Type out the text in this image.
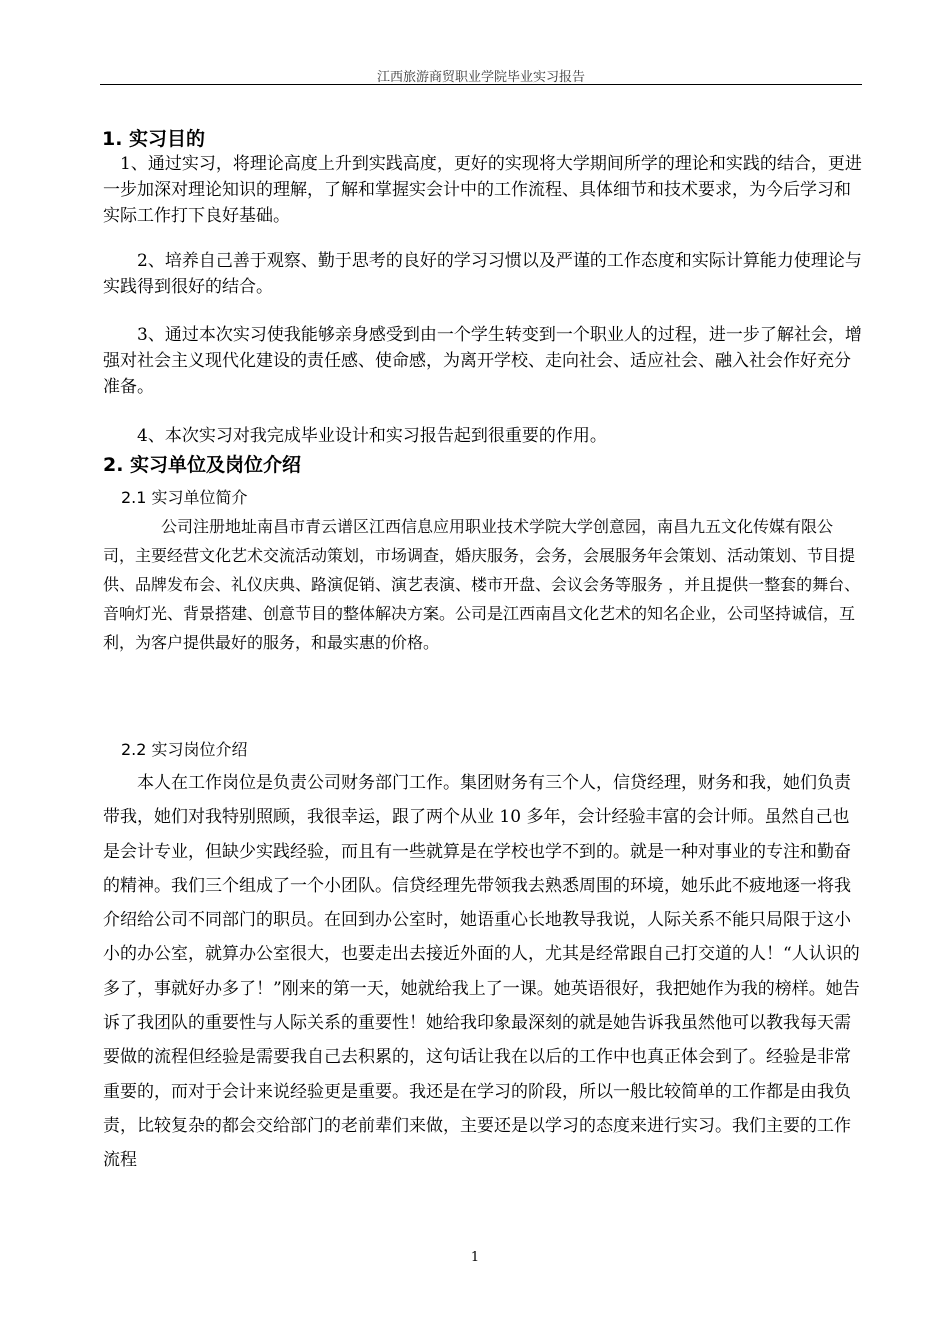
江西旅游商贸职业学院毕业实习报告
1. 实习目的
1、通过实习，将理论高度上升到实践高度，更好的实现将大学期间所学的理论和实践的结合，更进一步加深对理论知识的理解，了解和掌握实会计中的工作流程、具体细节和技术要求，为今后学习和实际工作打下良好基础。
2、培养自己善于观察、勤于思考的良好的学习习惯以及严谨的工作态度和实际计算能力使理论与实践得到很好的结合。
3、通过本次实习使我能够亲身感受到由一个学生转变到一个职业人的过程，进一步了解社会，增强对社会主义现代化建设的责任感、使命感，为离开学校、走向社会、适应社会、融入社会作好充分准备。
4、本次实习对我完成毕业设计和实习报告起到很重要的作用。
2. 实习单位及岗位介绍
2.1 实习单位简介
公司注册地址南昌市青云谱区江西信息应用职业技术学院大学创意园，南昌九五文化传媒有限公司，主要经营文化艺术交流活动策划，市场调查，婚庆服务，会务，会展服务年会策划、活动策划、节目提供、品牌发布会、礼仪庆典、路演促销、演艺表演、楼市开盘、会议会务等服务 ，并且提供一整套的舞台、音响灯光、背景搭建、创意节目的整体解决方案。公司是江西南昌文化艺术的知名企业，公司坚持诚信，互利，为客户提供最好的服务，和最实惠的价格。
2.2 实习岗位介绍
本人在工作岗位是负责公司财务部门工作。集团财务有三个人，信贷经理，财务和我，她们负责带我，她们对我特别照顾，我很幸运，跟了两个从业 10 多年，会计经验丰富的会计师。虽然自己也是会计专业，但缺少实践经验，而且有一些就算是在学校也学不到的。就是一种对事业的专注和勤奋的精神。我们三个组成了一个小团队。信贷经理先带领我去熟悉周围的环境，她乐此不疲地逐一将我介绍给公司不同部门的职员。在回到办公室时，她语重心长地教导我说，人际关系不能只局限于这小小的办公室，就算办公室很大，也要走出去接近外面的人，尤其是经常跟自己打交道的人！“人认识的多了，事就好办多了！”刚来的第一天，她就给我上了一课。她英语很好，我把她作为我的榜样。她告诉了我团队的重要性与人际关系的重要性！她给我印象最深刻的就是她告诉我虽然他可以教我每天需要做的流程但经验是需要我自己去积累的，这句话让我在以后的工作中也真正体会到了。经验是非常重要的，而对于会计来说经验更是重要。我还是在学习的阶段，所以一般比较简单的工作都是由我负责，比较复杂的都会交给部门的老前辈们来做，主要还是以学习的态度来进行实习。我们主要的工作流程
1
